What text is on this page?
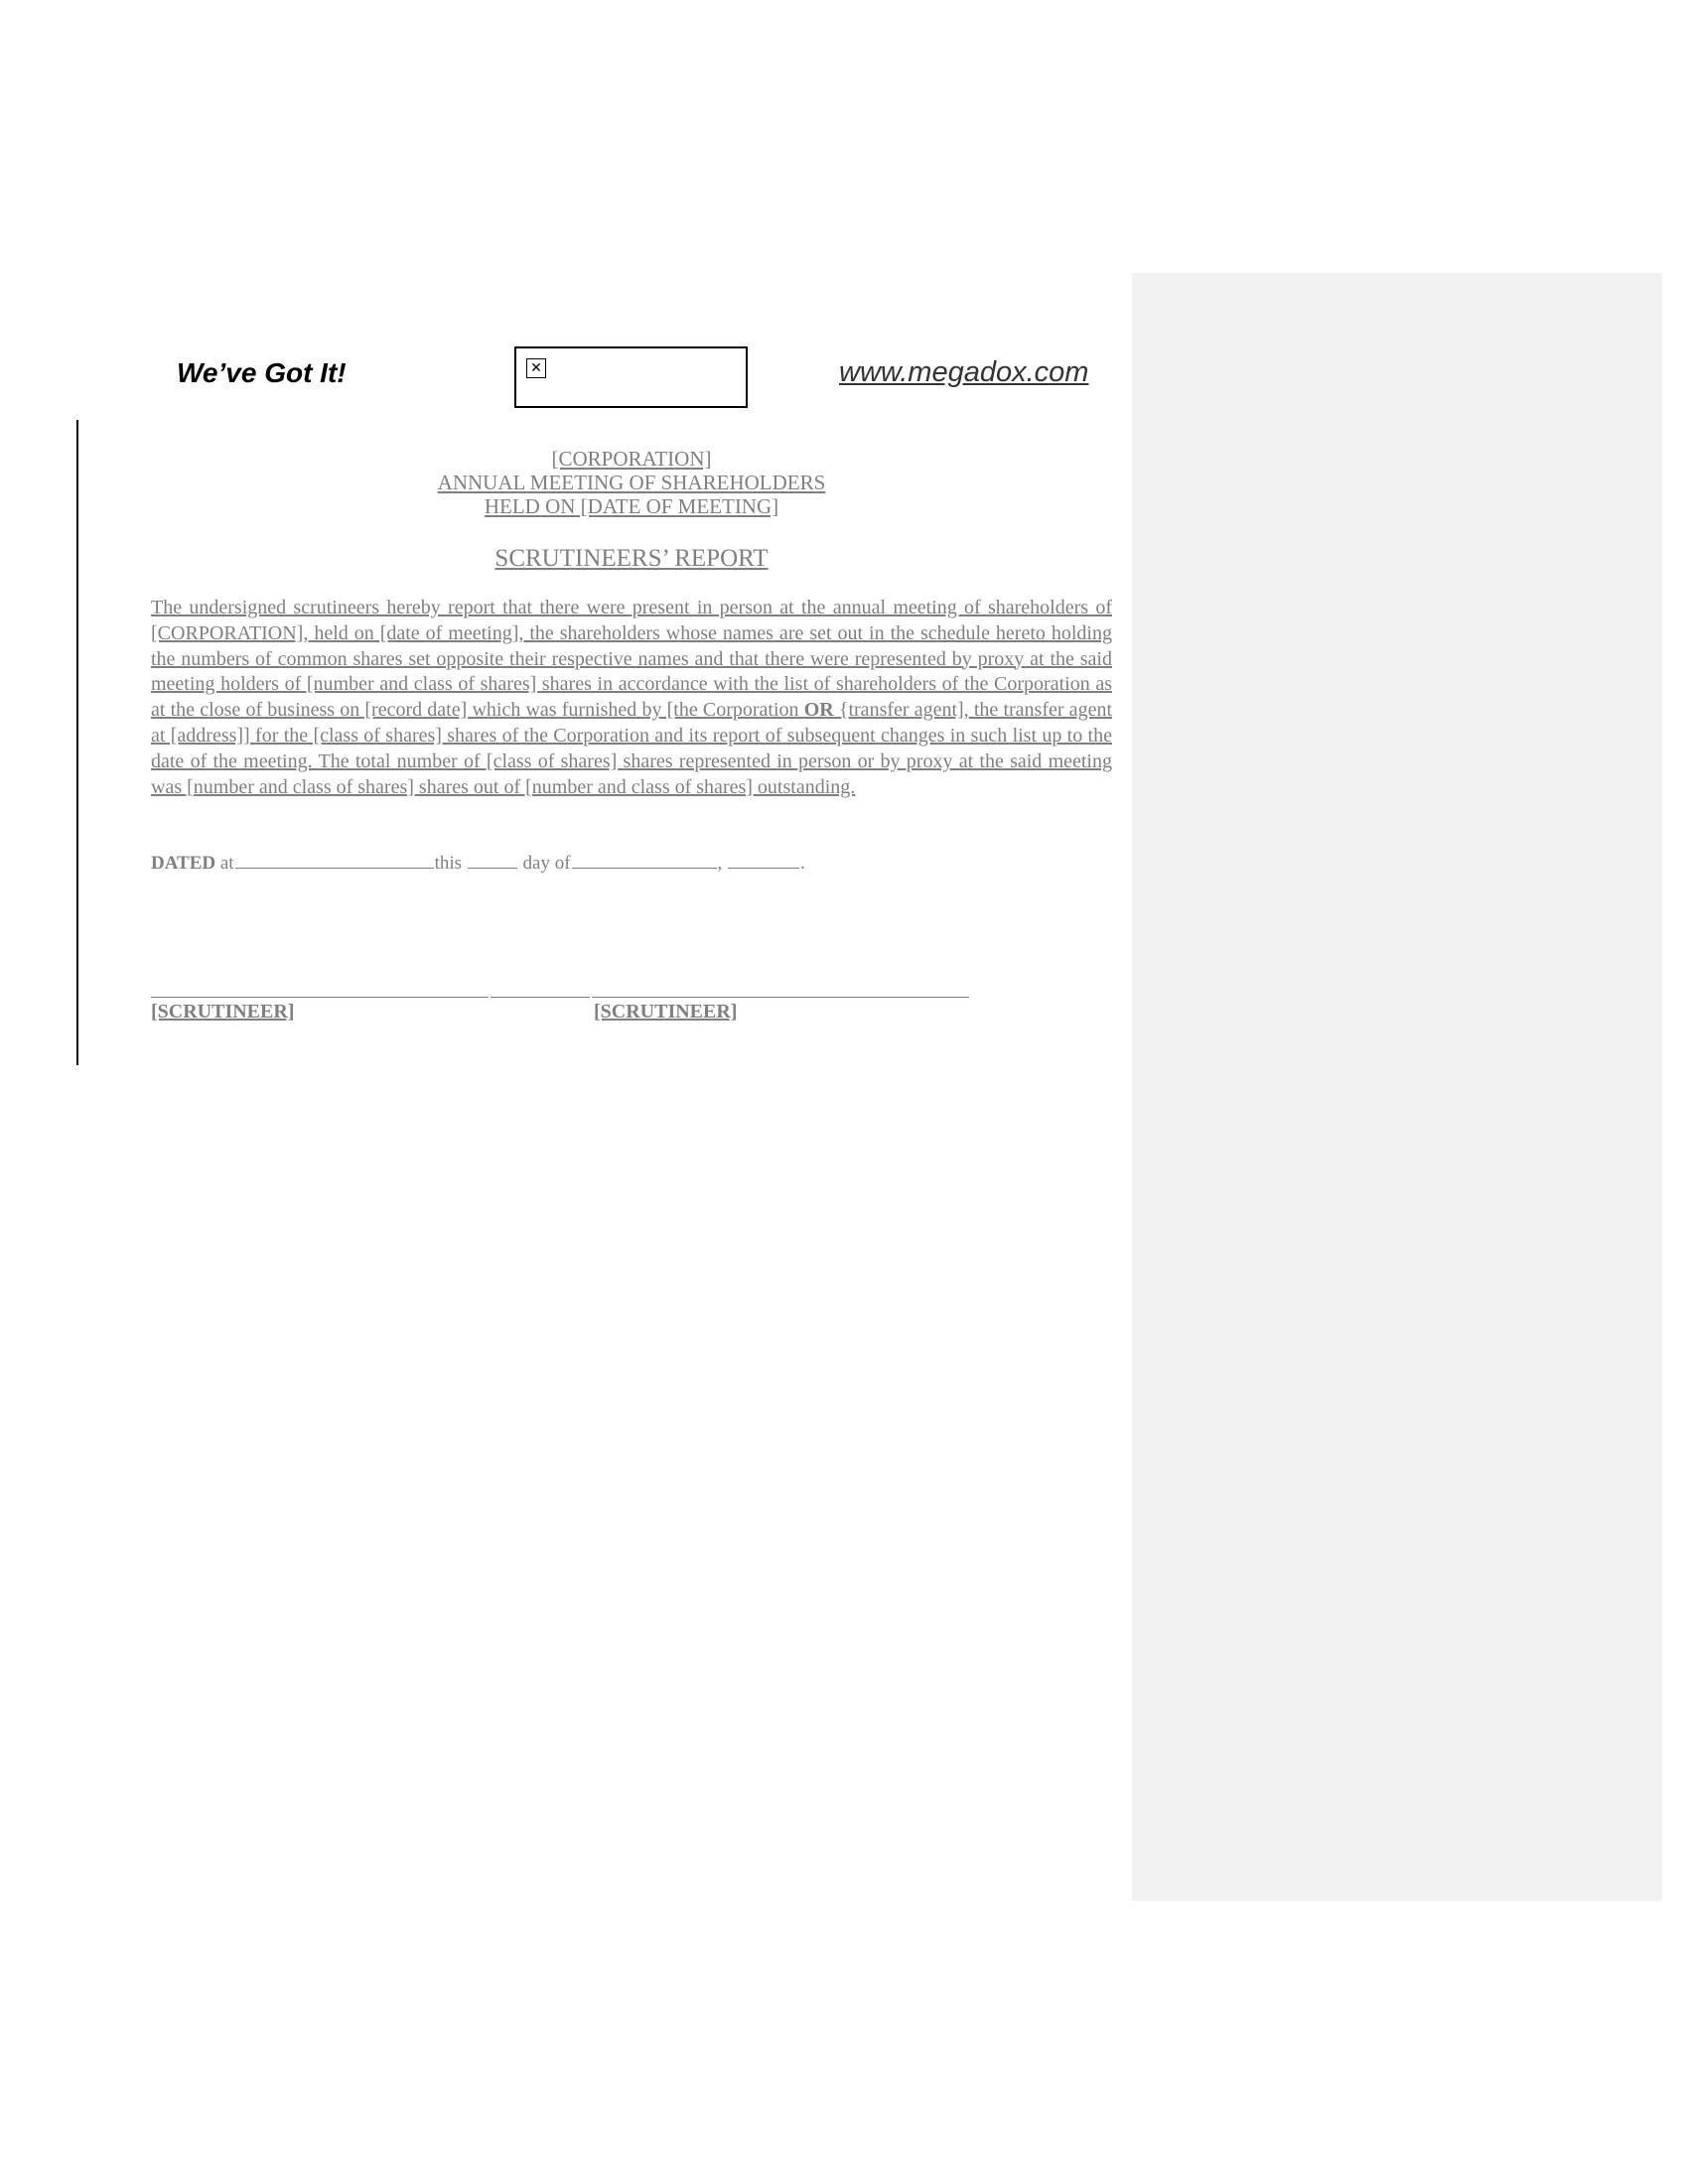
We’ve Got It!	✕	www.megadox.com
[CORPORATION]
ANNUAL MEETING OF SHAREHOLDERS
HELD ON [DATE OF MEETING]
SCRUTINEERS’ REPORT

The undersigned scrutineers hereby report that there were present in person at the annual meeting of shareholders of [CORPORATION], held on [date of meeting], the shareholders whose names are set out in the schedule hereto holding the numbers of common shares set opposite their respective names and that there were represented by proxy at the said meeting holders of [number and class of shares] shares in accordance with the list of shareholders of the Corporation as at the close of business on [record date] which was furnished by [the Corporation OR {transfer agent], the transfer agent at [address]] for the [class of shares] shares of the Corporation and its report of subsequent changes in such list up to the date of the meeting. The total number of [class of shares] shares represented in person or by proxy at the said meeting was [number and class of shares] shares out of [number and class of shares] outstanding.

DATED at	this	day of	,	.
[SCRUTINEER]	[SCRUTINEER]
